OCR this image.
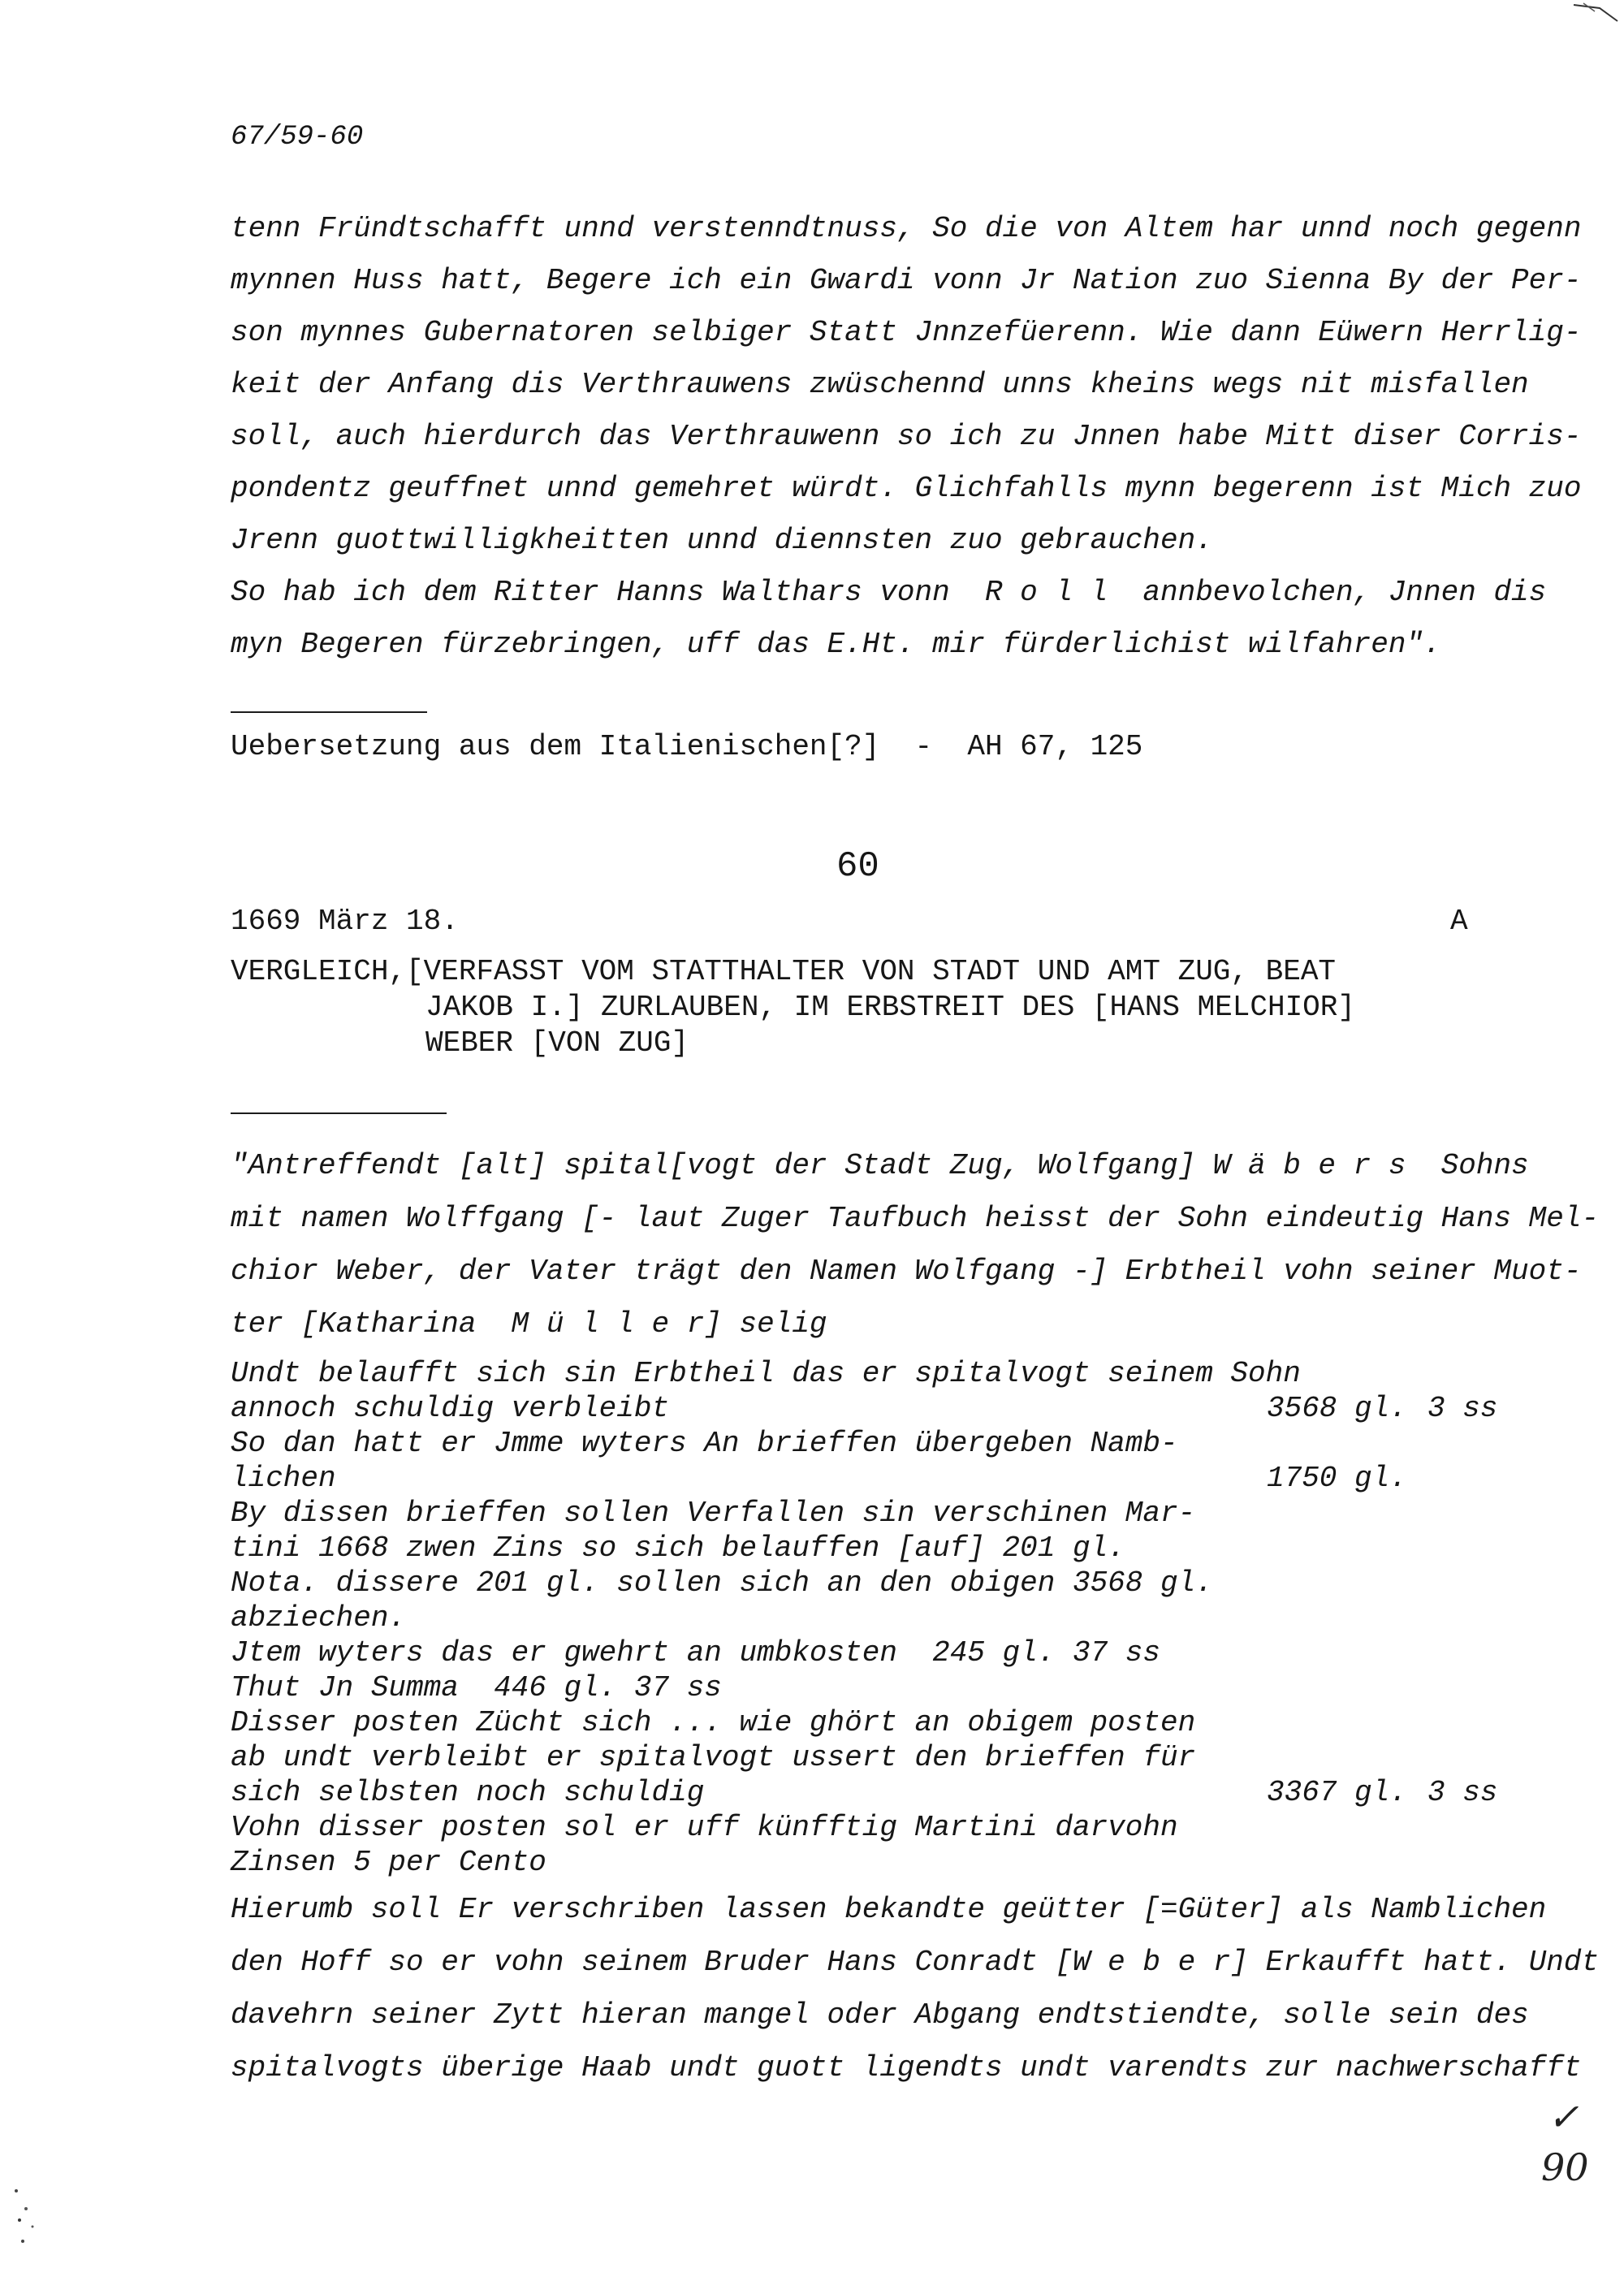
67/59-60
tenn Fründtschafft unnd verstenndtnuss, So die von Altem har unnd noch gegenn
mynnen Huss hatt, Begere ich ein Gwardi vonn Jr Nation zuo Sienna By der Per-
son mynnes Gubernatoren selbiger Statt Jnnzefüerenn. Wie dann Eüwern Herrlig-
keit der Anfang dis Verthrauwens zwüschennd unns kheins wegs nit misfallen
soll, auch hierdurch das Verthrauwenn so ich zu Jnnen habe Mitt diser Corris-
pondentz geuffnet unnd gemehret würdt. Glichfahlls mynn begerenn ist Mich zuo
Jrenn guottwilligkheitten unnd diennsten zuo gebrauchen.
So hab ich dem Ritter Hanns Walthars vonn  R o l l  annbevolchen, Jnnen dis
myn Begeren fürzebringen, uff das E.Ht. mir fürderlichist wilfahren".
Uebersetzung aus dem Italienischen[?]  -  AH 67, 125
60
1669 März 18.	A
VERGLEICH,[VERFASST VOM STATTHALTER VON STADT UND AMT ZUG, BEAT
JAKOB I.] ZURLAUBEN, IM ERBSTREIT DES [HANS MELCHIOR]
WEBER [VON ZUG]
"Antreffendt [alt] spital[vogt der Stadt Zug, Wolfgang] W ä b e r s  Sohns
mit namen Wolffgang [- laut Zuger Taufbuch heisst der Sohn eindeutig Hans Mel-
chior Weber, der Vater trägt den Namen Wolfgang -] Erbtheil vohn seiner Muot-
ter [Katharina  M ü l l e r] selig
Undt belaufft sich sin Erbtheil das er spitalvogt seinem Sohn
annoch schuldig verbleibt
So dan hatt er Jmme wyters An brieffen übergeben Namb-
lichen
By dissen brieffen sollen Verfallen sin verschinen Mar-
tini 1668 zwen Zins so sich belauffen [auf] 201 gl.
Nota. dissere 201 gl. sollen sich an den obigen 3568 gl.
abziechen.
Jtem wyters das er gwehrt an umbkosten  245 gl. 37 ss
Thut Jn Summa  446 gl. 37 ss
Disser posten Zücht sich ... wie ghört an obigem posten
ab undt verbleibt er spitalvogt ussert den brieffen für
sich selbsten noch schuldig
Vohn disser posten sol er uff künfftig Martini darvohn
Zinsen 5 per Cento
3568 gl. 3 ss
1750 gl.
3367 gl. 3 ss
Hierumb soll Er verschriben lassen bekandte geütter [=Güter] als Namblichen
den Hoff so er vohn seinem Bruder Hans Conradt [W e b e r] Erkaufft hatt. Undt
davehrn seiner Zytt hieran mangel oder Abgang endtstiendte, solle sein des
spitalvogts überige Haab undt guott ligendts undt varendts zur nachwerschafft
✓
90
